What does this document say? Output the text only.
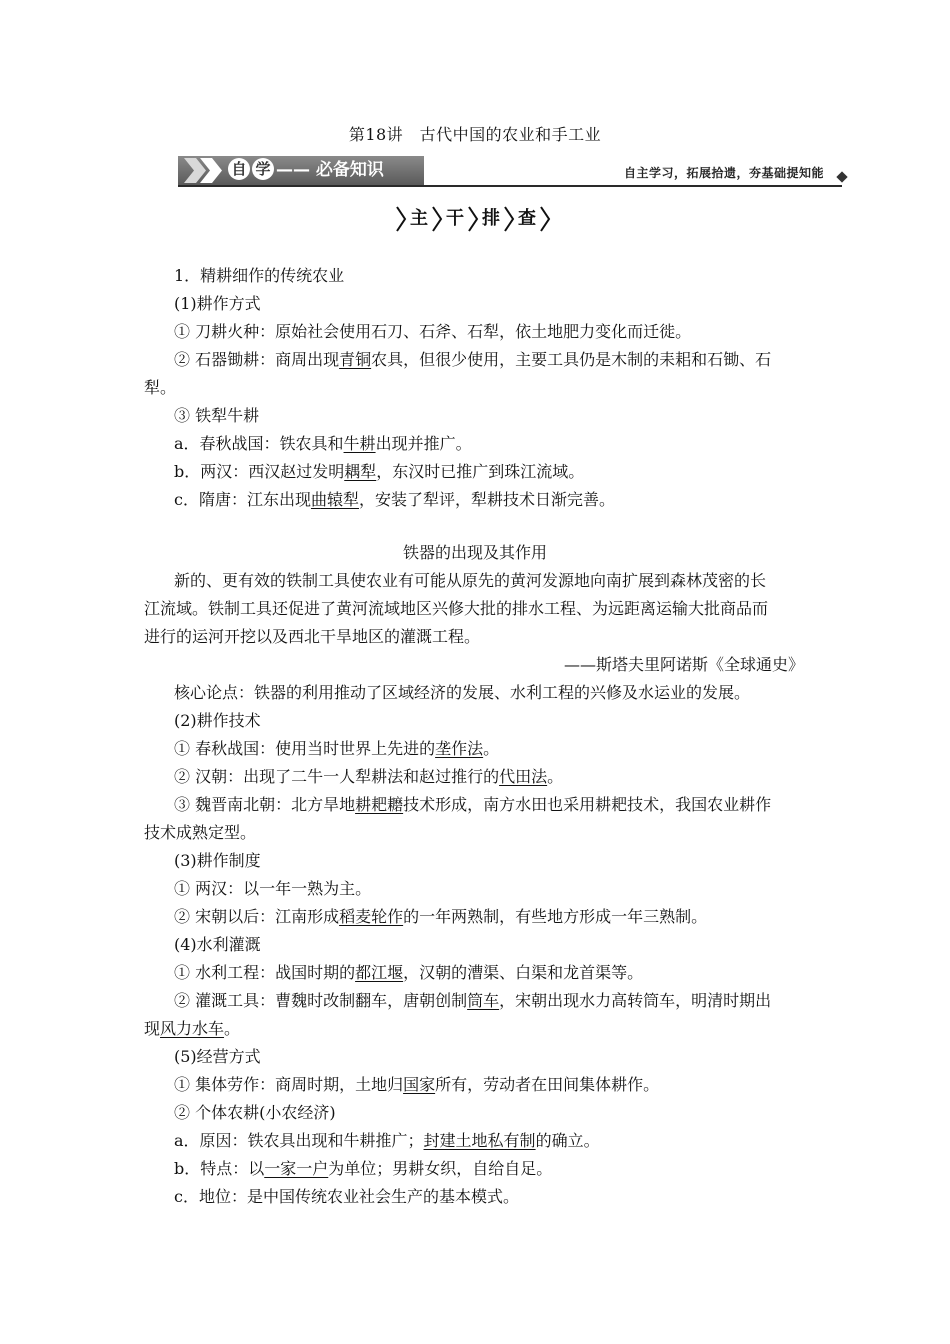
第18讲　古代中国的农业和手工业
自 学 —— 必备知识	自主学习，拓展拾遗，夯基础提知能
主 干 排 查
1．精耕细作的传统农业
(1)耕作方式
① 刀耕火种：原始社会使用石刀、石斧、石犁，依土地肥力变化而迁徙。
② 石器锄耕：商周出现青铜农具，但很少使用，主要工具仍是木制的耒耜和石锄、石
犁。
③ 铁犁牛耕
a．春秋战国：铁农具和牛耕出现并推广。
b．两汉：西汉赵过发明耦犁，东汉时已推广到珠江流域。
c．隋唐：江东出现曲辕犁，安装了犁评，犁耕技术日渐完善。
铁器的出现及其作用
新的、更有效的铁制工具使农业有可能从原先的黄河发源地向南扩展到森林茂密的长
江流域。铁制工具还促进了黄河流域地区兴修大批的排水工程、为远距离运输大批商品而
进行的运河开挖以及西北干旱地区的灌溉工程。
——斯塔夫里阿诺斯《全球通史》
核心论点：铁器的利用推动了区域经济的发展、水利工程的兴修及水运业的发展。
(2)耕作技术
① 春秋战国：使用当时世界上先进的垄作法。
② 汉朝：出现了二牛一人犁耕法和赵过推行的代田法。
③ 魏晋南北朝：北方旱地耕耙耱技术形成，南方水田也采用耕耙技术，我国农业耕作
技术成熟定型。
(3)耕作制度
① 两汉：以一年一熟为主。
② 宋朝以后：江南形成稻麦轮作的一年两熟制，有些地方形成一年三熟制。
(4)水利灌溉
① 水利工程：战国时期的都江堰，汉朝的漕渠、白渠和龙首渠等。
② 灌溉工具：曹魏时改制翻车，唐朝创制筒车，宋朝出现水力高转筒车，明清时期出
现风力水车。
(5)经营方式
① 集体劳作：商周时期，土地归国家所有，劳动者在田间集体耕作。
② 个体农耕(小农经济)
a．原因：铁农具出现和牛耕推广；封建土地私有制的确立。
b．特点：以一家一户为单位；男耕女织，自给自足。
c．地位：是中国传统农业社会生产的基本模式。
